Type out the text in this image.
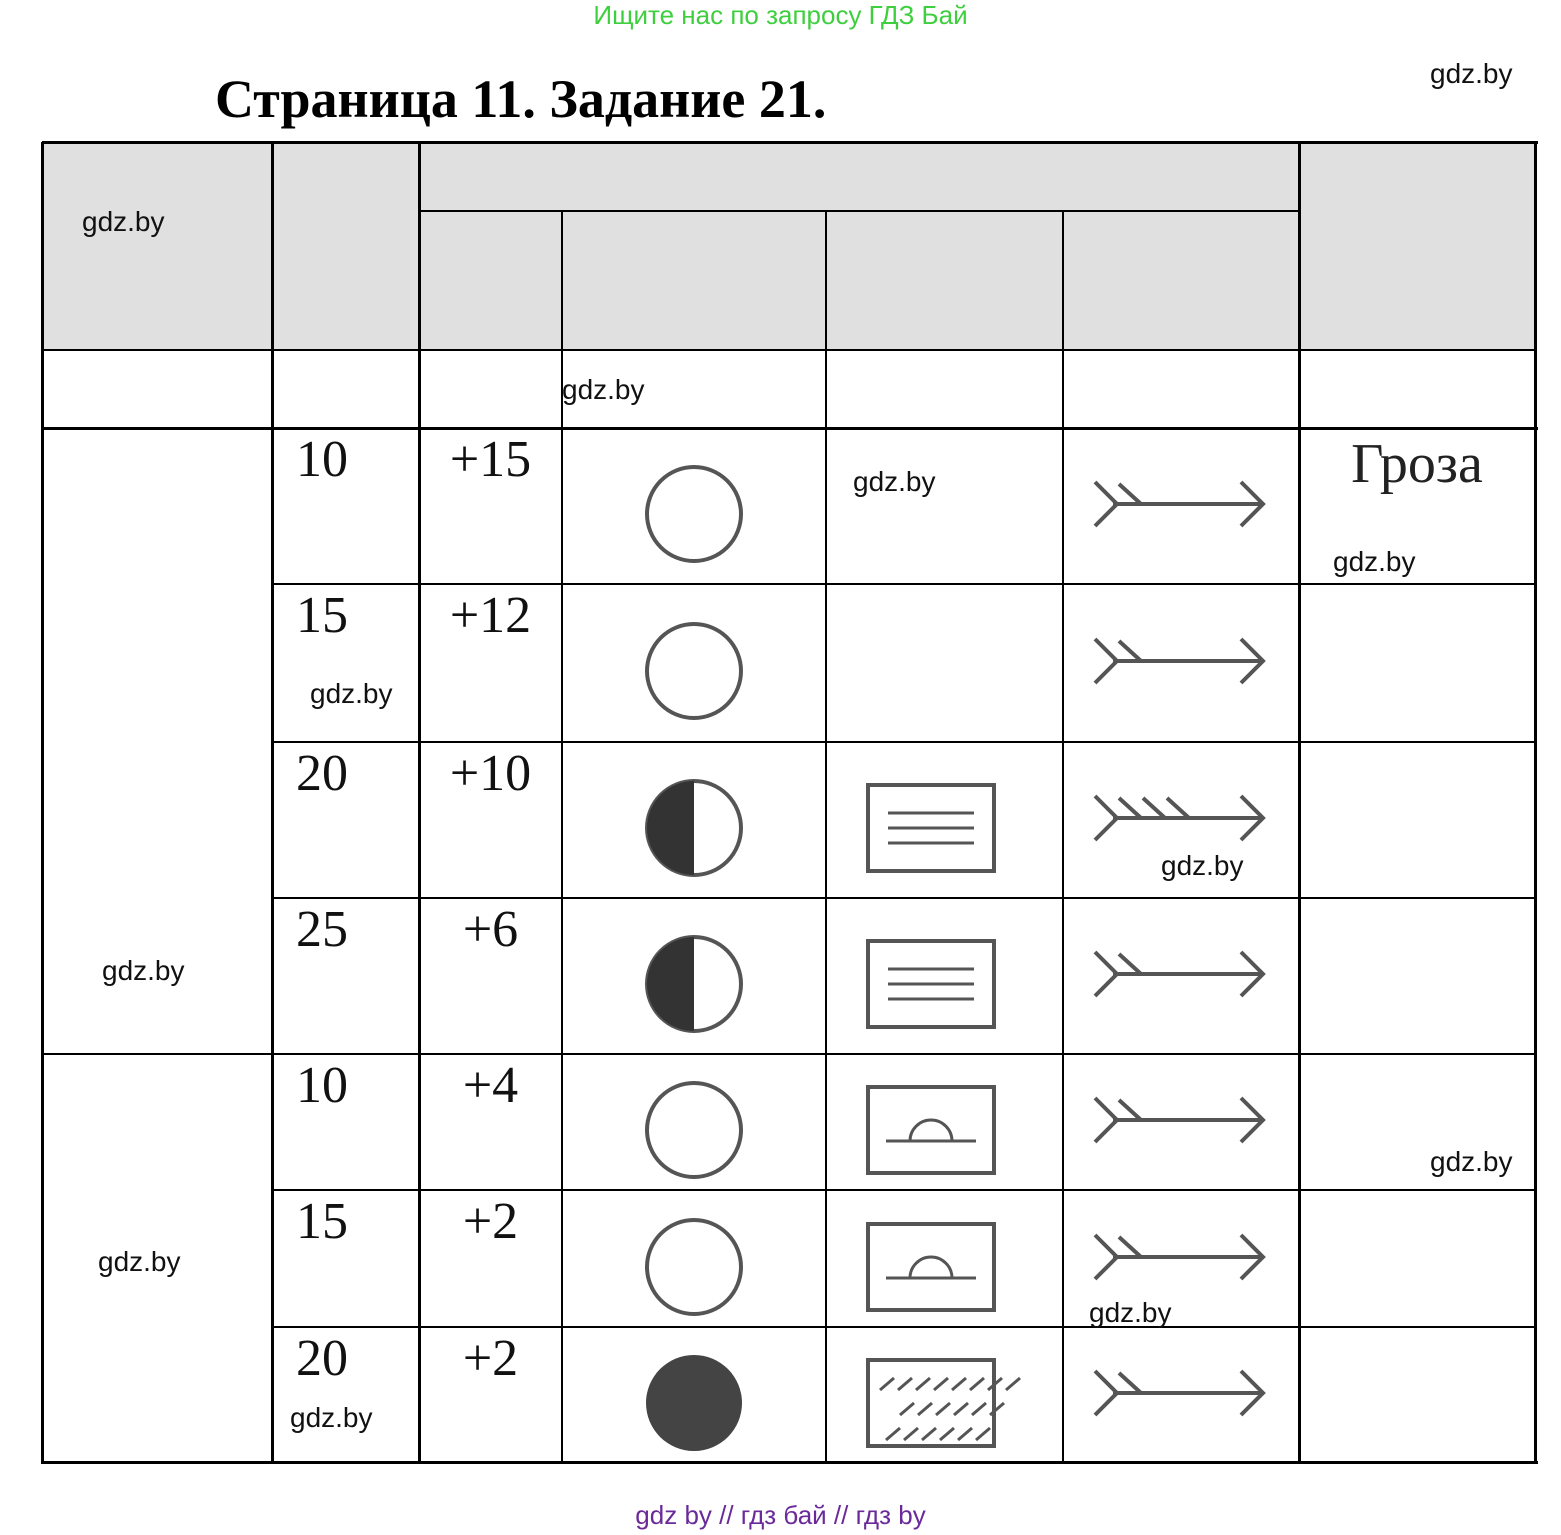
Ищите нас по запросу ГДЗ Бай
Страница 11. Задание 21.
10	+15	Гроза
15	+12
20	+10
25	+6
10	+4
15	+2
20	+2
gdz by // гдз бай // гдз by
gdz.by
gdz.by
gdz.by
gdz.by
gdz.by
gdz.by
gdz.by
gdz.by
gdz.by
gdz.by
gdz.by
gdz.by
